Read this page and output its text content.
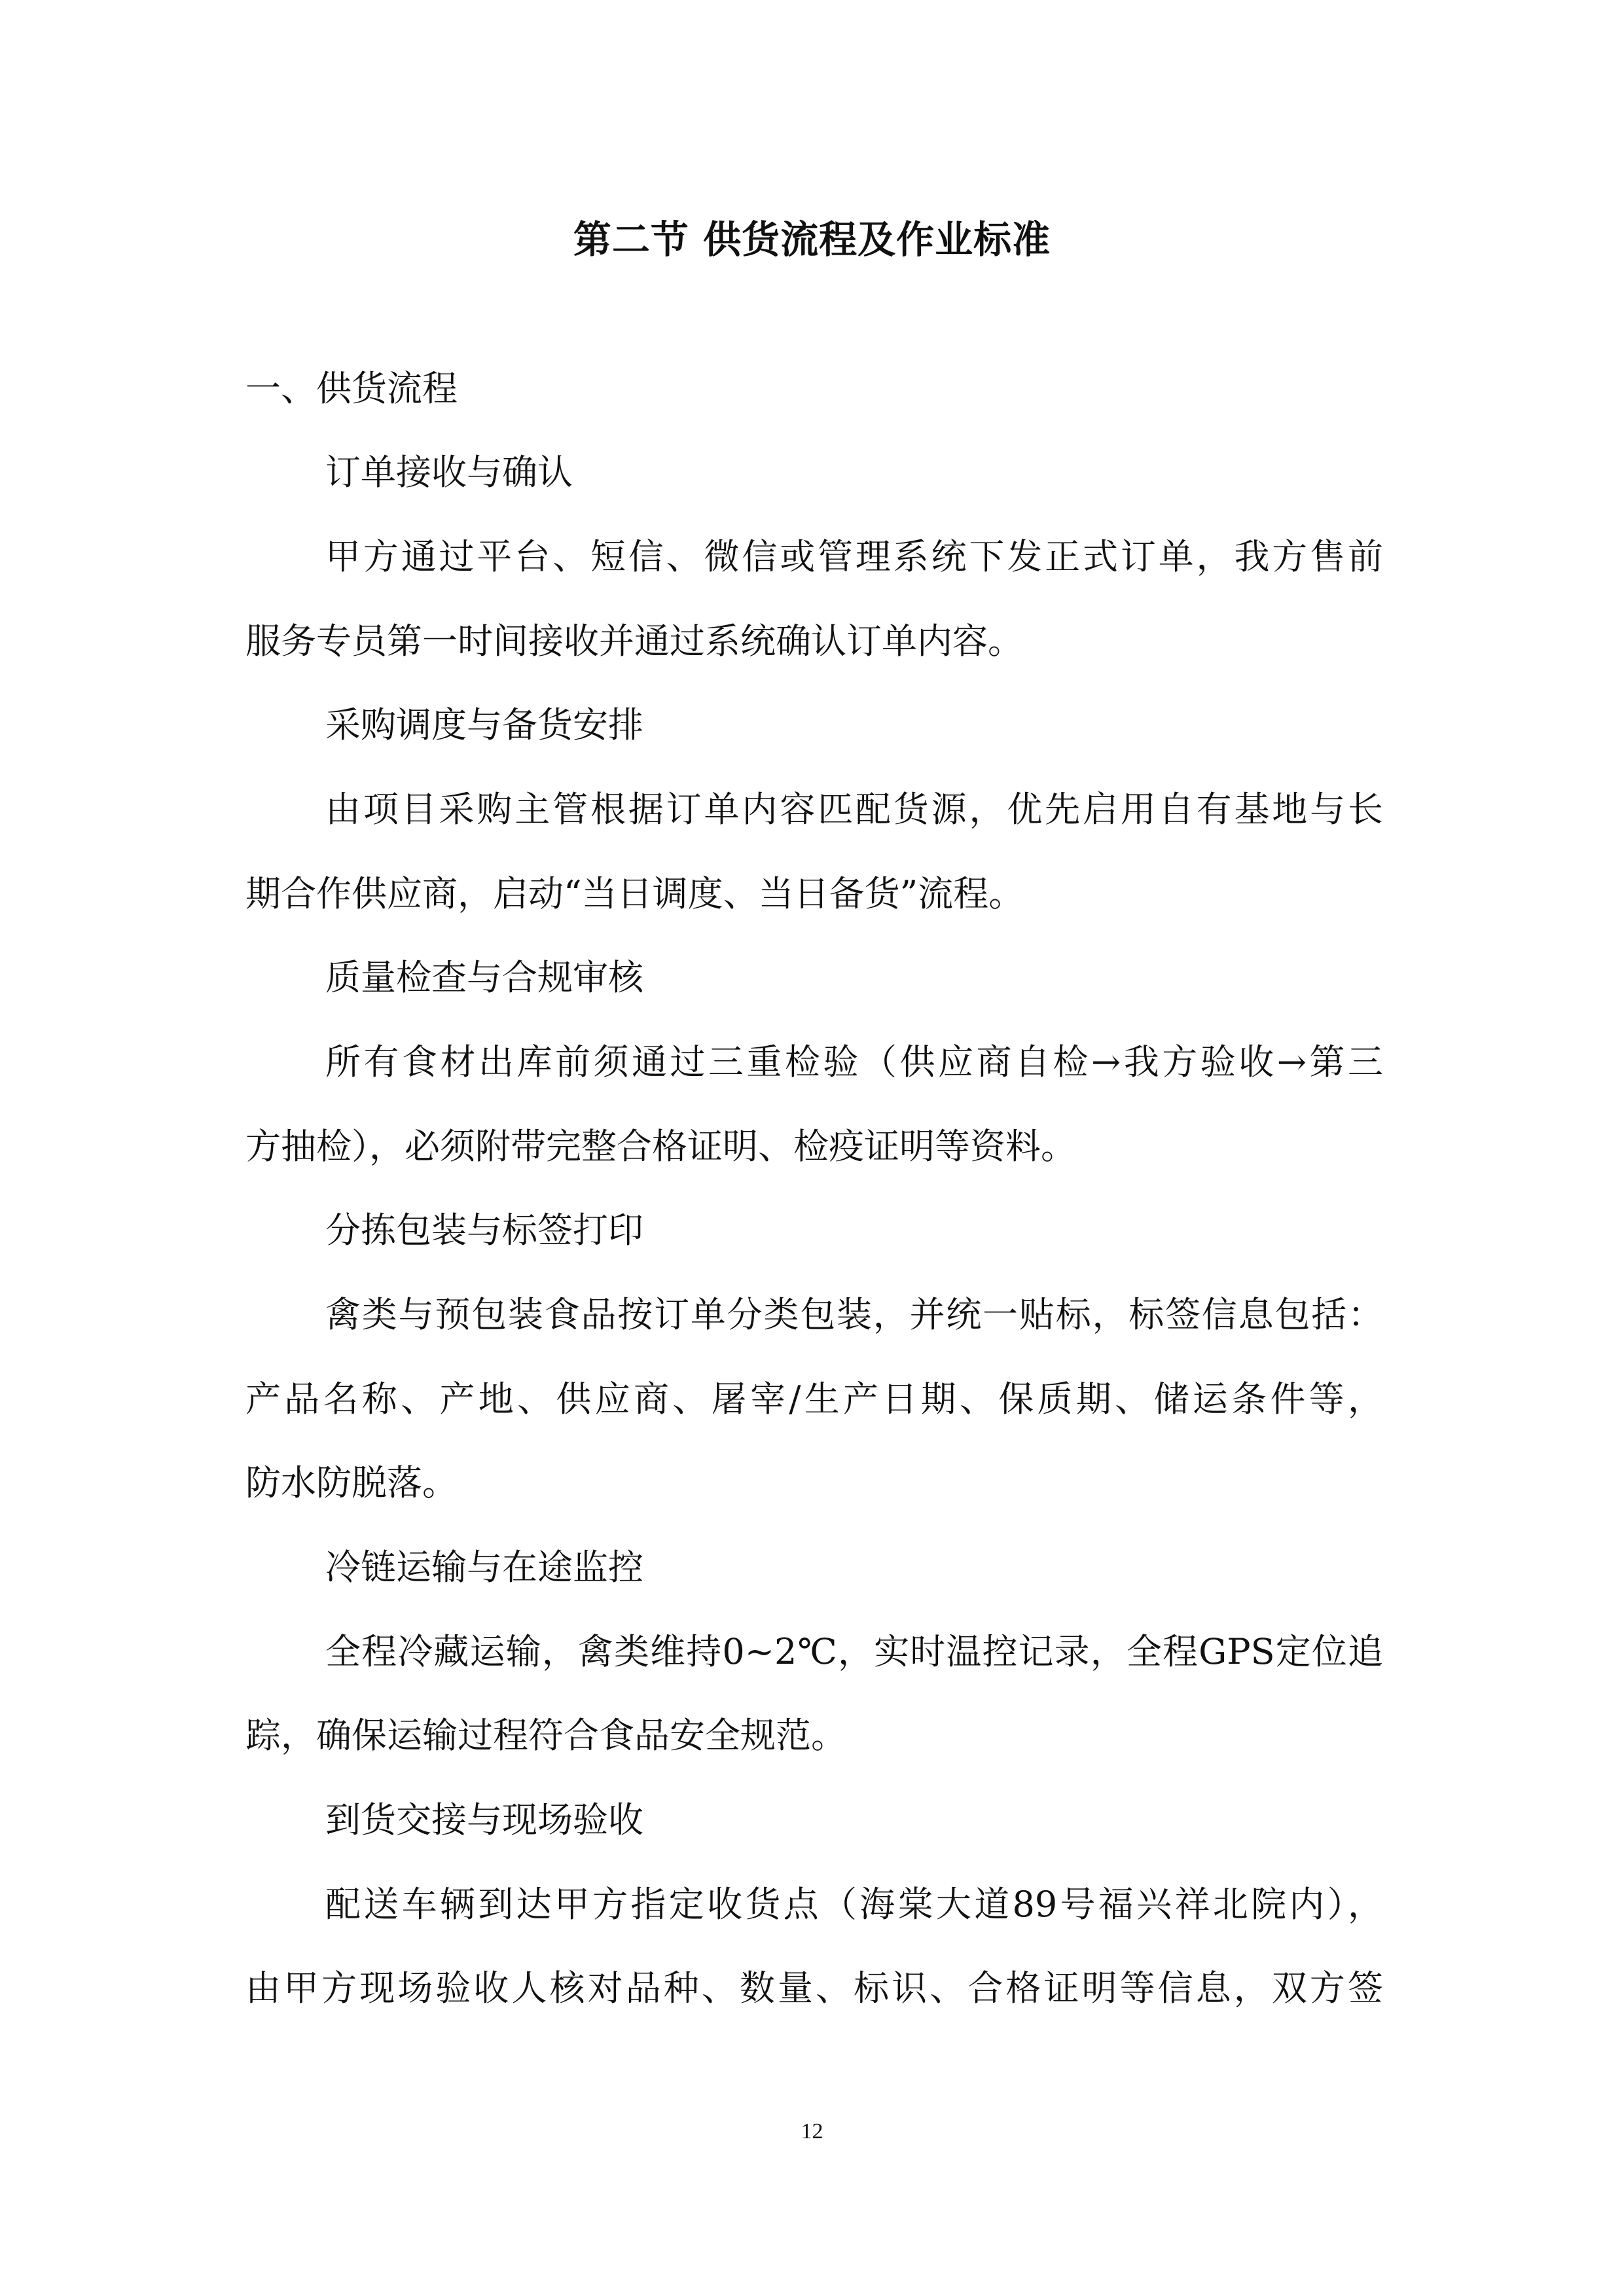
第二节 供货流程及作业标准
一、供货流程
订单接收与确认
甲方通过平台、短信、微信或管理系统下发正式订单，我方售前
服务专员第一时间接收并通过系统确认订单内容。
采购调度与备货安排
由项目采购主管根据订单内容匹配货源，优先启用自有基地与长
期合作供应商，启动“当日调度、当日备货”流程。
质量检查与合规审核
所有食材出库前须通过三重检验（供应商自检→我方验收→第三
方抽检），必须附带完整合格证明、检疫证明等资料。
分拣包装与标签打印
禽类与预包装食品按订单分类包装，并统一贴标，标签信息包括：
产品名称、产地、供应商、屠宰/生产日期、保质期、储运条件等，
防水防脱落。
冷链运输与在途监控
全程冷藏运输，禽类维持0~2℃，实时温控记录，全程GPS定位追
踪，确保运输过程符合食品安全规范。
到货交接与现场验收
配送车辆到达甲方指定收货点（海棠大道89号福兴祥北院内），
由甲方现场验收人核对品种、数量、标识、合格证明等信息，双方签
12
